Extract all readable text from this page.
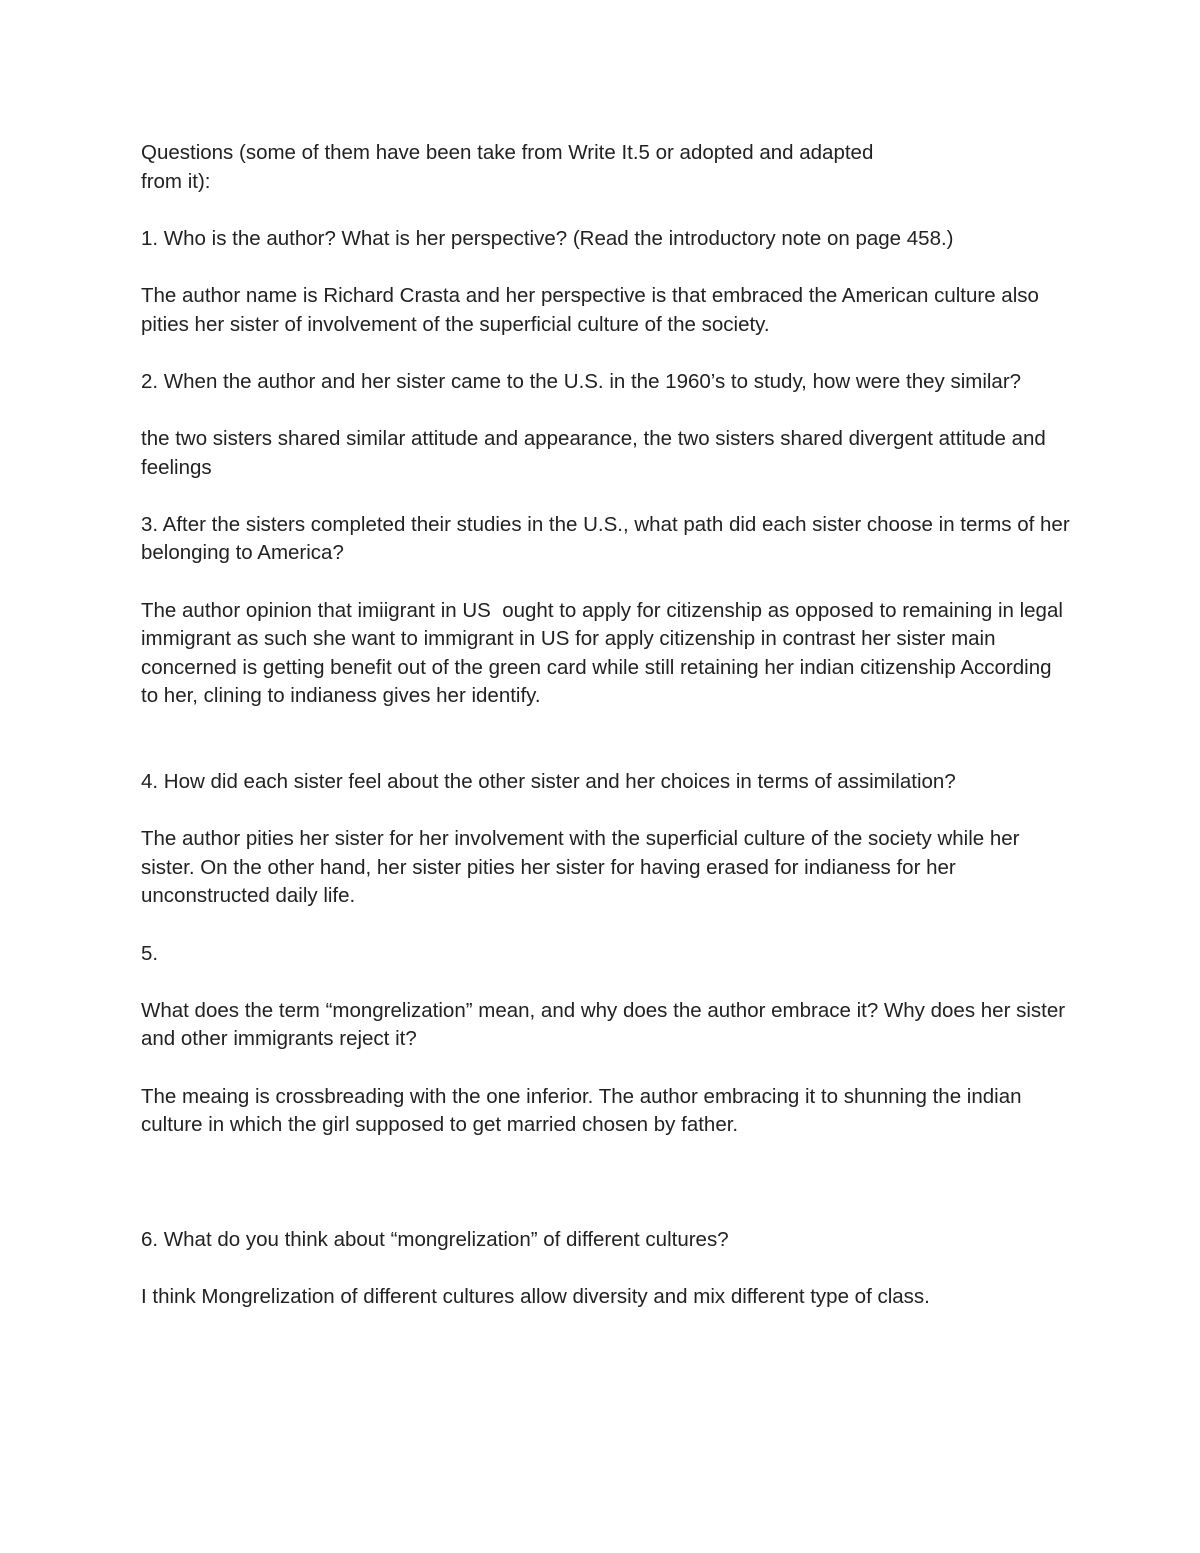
Questions (some of them have been take from Write It.5 or adopted and adapted

from it):

1. Who is the author? What is her perspective? (Read the introductory note on page 458.)

The author name is Richard Crasta and her perspective is that embraced the American culture also pities her sister of involvement of the superficial culture of the society.

2. When the author and her sister came to the U.S. in the 1960’s to study, how were they similar?

the two sisters shared similar attitude and appearance, the two sisters shared divergent attitude and feelings

3. After the sisters completed their studies in the U.S., what path did each sister choose in terms of her belonging to America?

The author opinion that imiigrant in US  ought to apply for citizenship as opposed to remaining in legal immigrant as such she want to immigrant in US for apply citizenship in contrast her sister main concerned is getting benefit out of the green card while still retaining her indian citizenship According to her, clining to indianess gives her identify.

4. How did each sister feel about the other sister and her choices in terms of assimilation?

The author pities her sister for her involvement with the superficial culture of the society while her sister. On the other hand, her sister pities her sister for having erased for indianess for her unconstructed daily life.

5.

What does the term “mongrelization” mean, and why does the author embrace it? Why does her sister and other immigrants reject it?

The meaing is crossbreading with the one inferior. The author embracing it to shunning the indian culture in which the girl supposed to get married chosen by father.

6. What do you think about “mongrelization” of different cultures?

I think Mongrelization of different cultures allow diversity and mix different type of class.
